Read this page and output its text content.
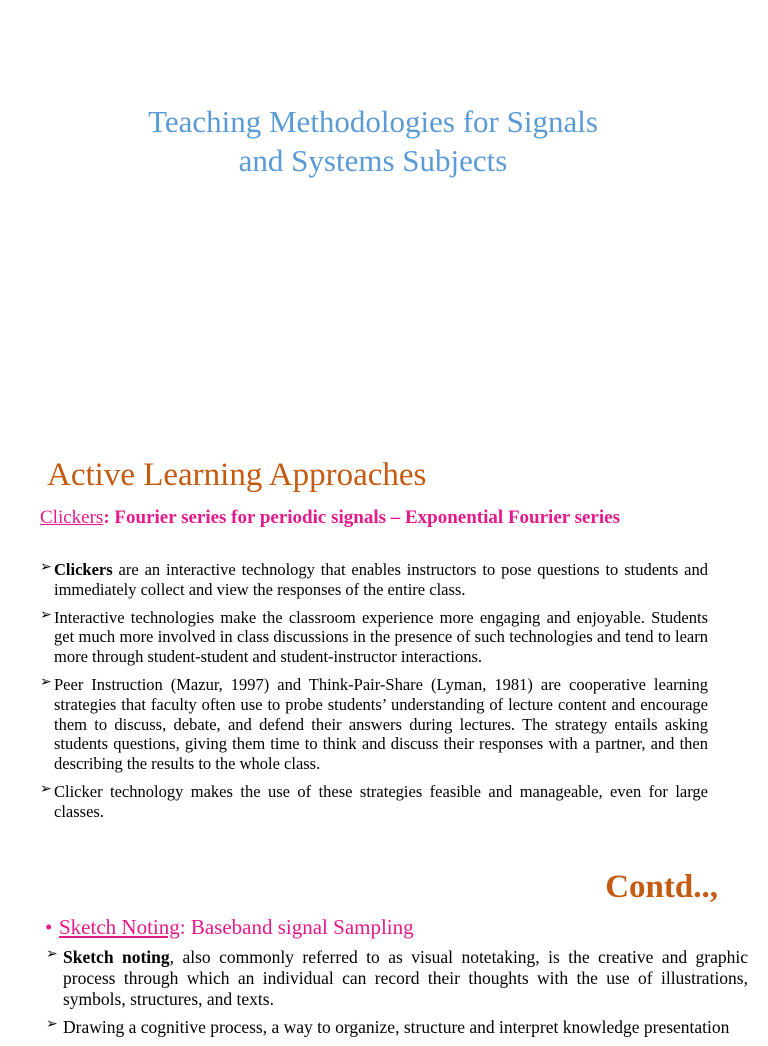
Teaching Methodologies for Signals
and Systems Subjects
Active Learning Approaches
Clickers: Fourier series for periodic signals – Exponential Fourier series
➢ Clickers are an interactive technology that enables instructors to pose questions to students and immediately collect and view the responses of the entire class.
➢ Interactive technologies make the classroom experience more engaging and enjoyable. Students get much more involved in class discussions in the presence of such technologies and tend to learn more through student-student and student-instructor interactions.
➢ Peer Instruction (Mazur, 1997) and Think-Pair-Share (Lyman, 1981) are cooperative learning strategies that faculty often use to probe students’ understanding of lecture content and encourage them to discuss, debate, and defend their answers during lectures. The strategy entails asking students questions, giving them time to think and discuss their responses with a partner, and then describing the results to the whole class.
➢ Clicker technology makes the use of these strategies feasible and manageable, even for large classes.
Contd..,
• Sketch Noting: Baseband signal Sampling
➢ Sketch noting, also commonly referred to as visual notetaking, is the creative and graphic process through which an individual can record their thoughts with the use of illustrations, symbols, structures, and texts.
➢ Drawing a cognitive process, a way to organize, structure and interpret knowledge presentation
